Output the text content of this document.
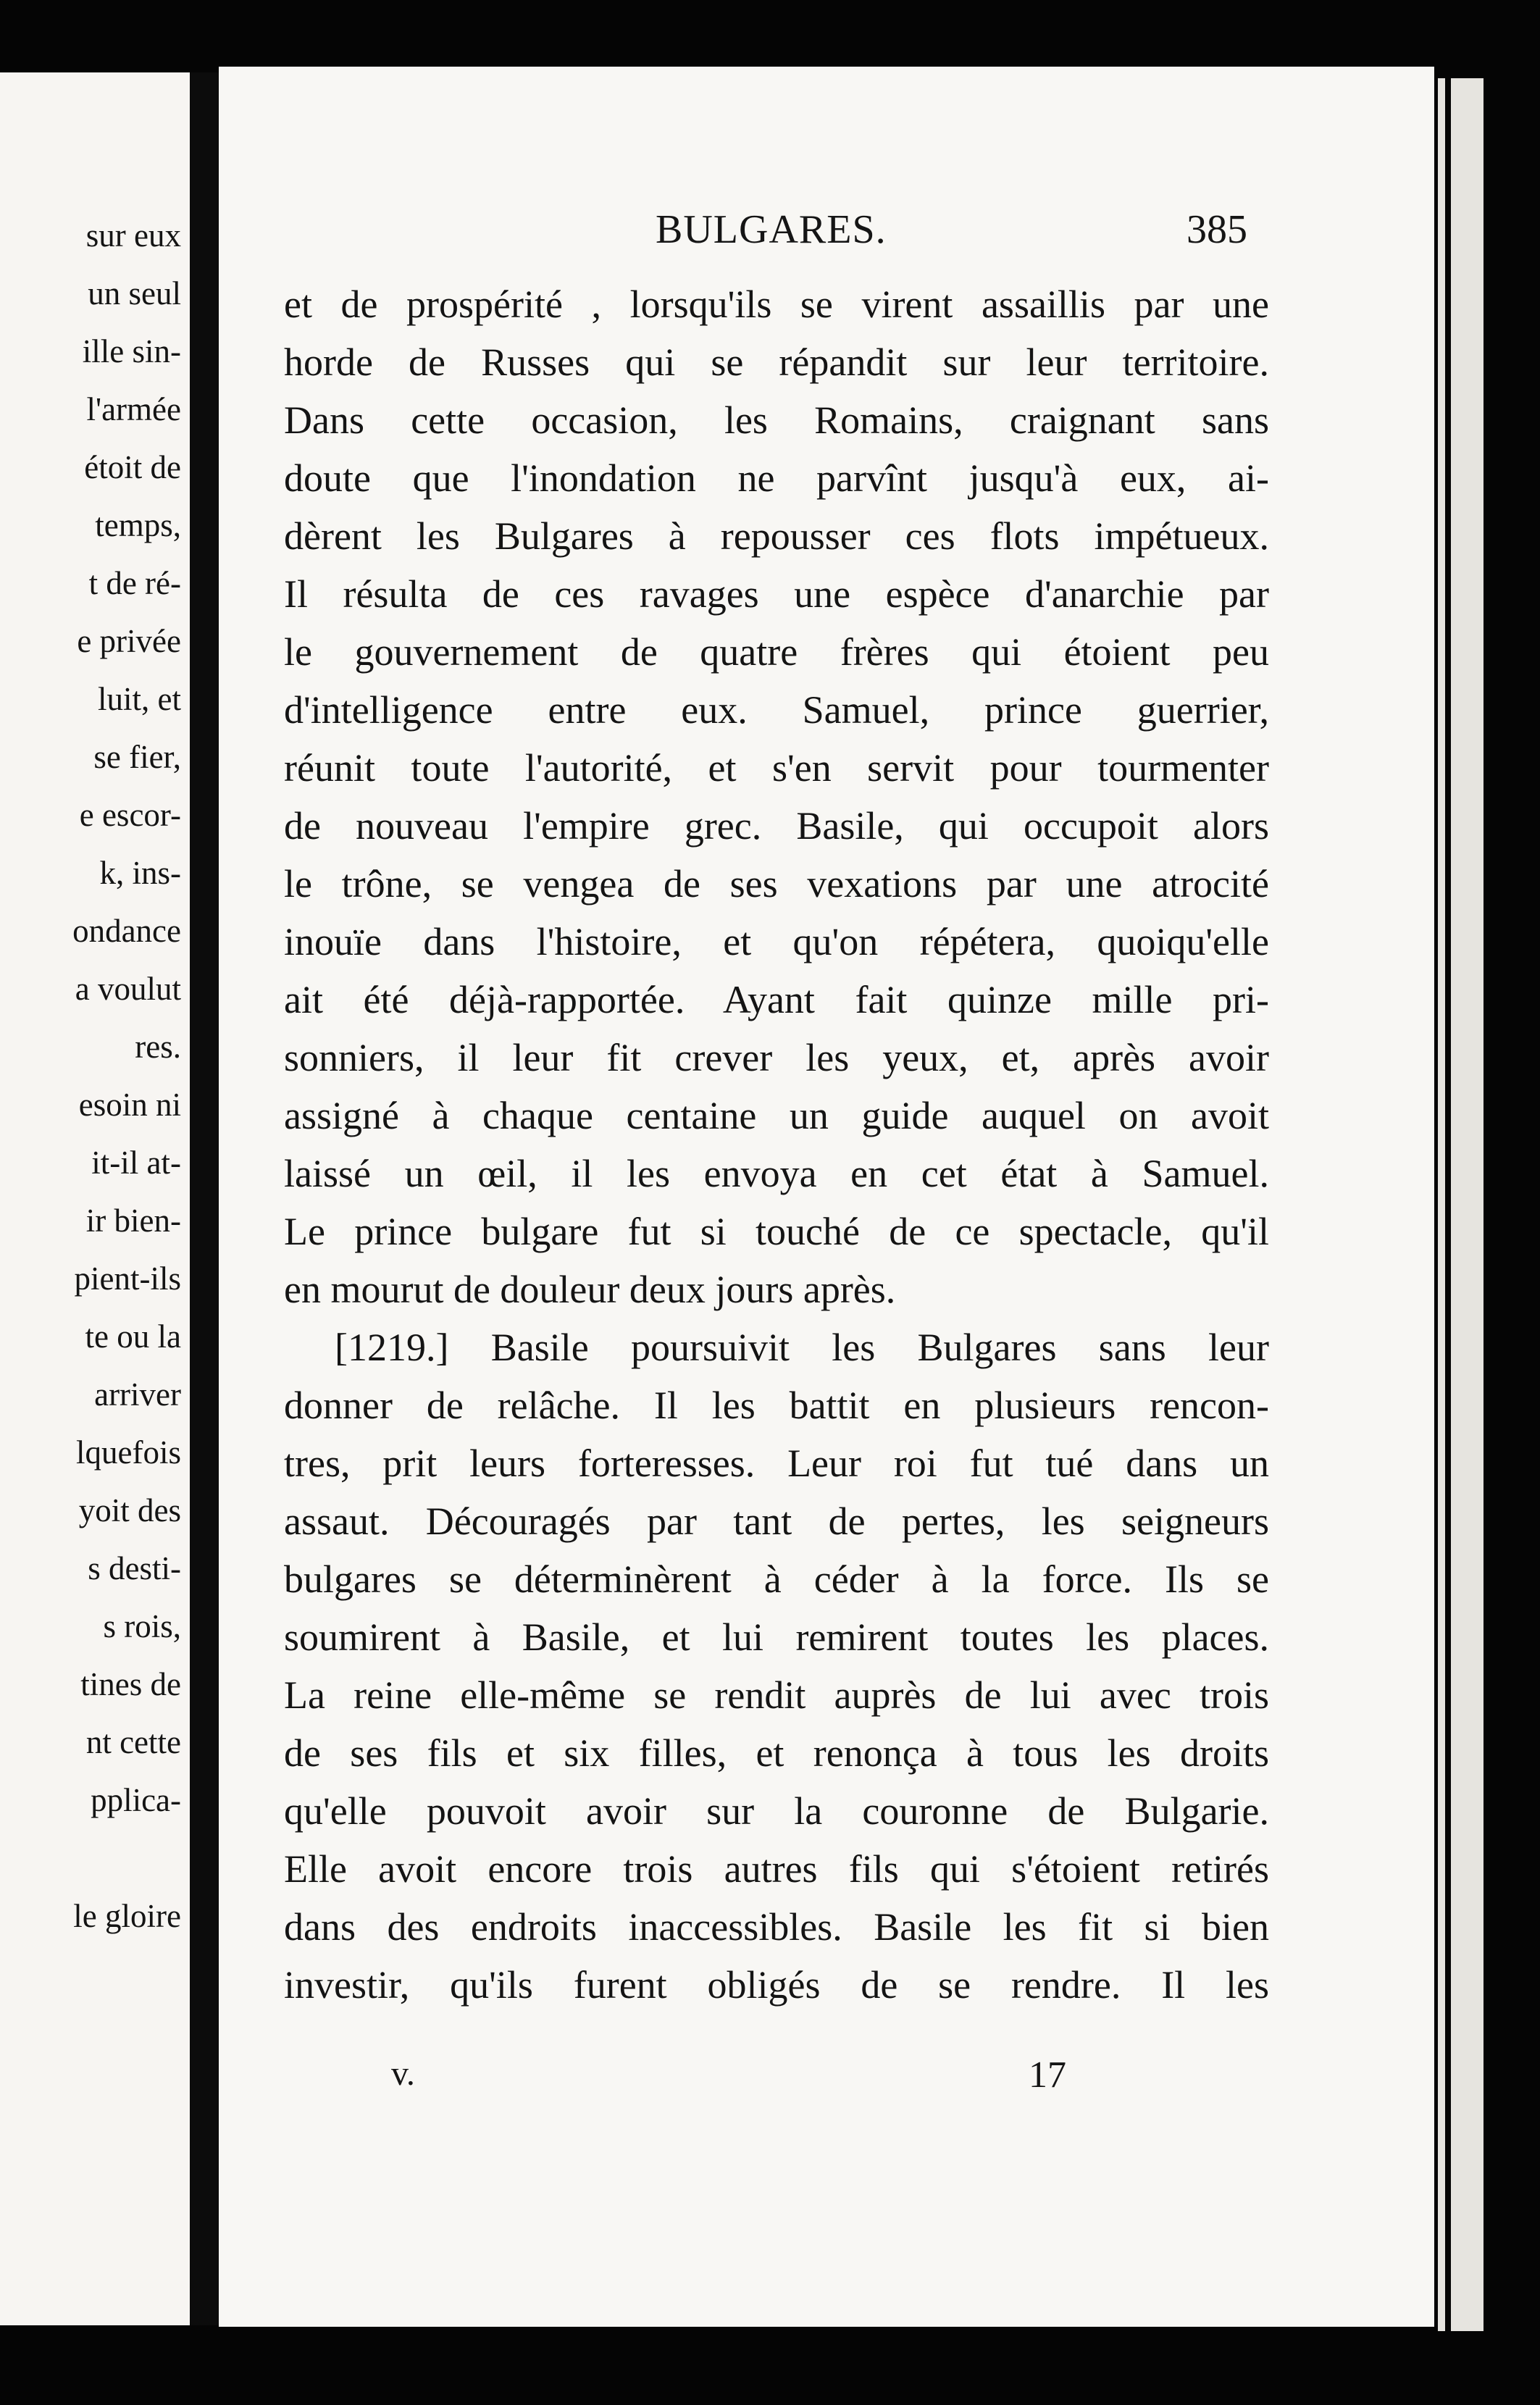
sur eux
un seul
ille sin-
l'armée
étoit de
temps,
t de ré-
e privée
luit, et
se fier,
e escor-
k, ins-
ondance
a voulut
res.
esoin ni
it-il at-
ir bien-
pient-ils
te ou la
arriver
lquefois
yoit des
s desti-
s rois,
tines de
nt cette
pplica-
le gloire
BULGARES.	385
et de prospérité , lorsqu'ils se virent assaillis par une
horde de Russes qui se répandit sur leur territoire.
Dans cette occasion, les Romains, craignant sans
doute que l'inondation ne parvînt jusqu'à eux, ai-
dèrent les Bulgares à repousser ces flots impétueux.
Il résulta de ces ravages une espèce d'anarchie par
le gouvernement de quatre frères qui étoient peu
d'intelligence entre eux. Samuel, prince guerrier,
réunit toute l'autorité, et s'en servit pour tourmenter
de nouveau l'empire grec. Basile, qui occupoit alors
le trône, se vengea de ses vexations par une atrocité
inouïe dans l'histoire, et qu'on répétera, quoiqu'elle
ait été déjà-rapportée. Ayant fait quinze mille pri-
sonniers, il leur fit crever les yeux, et, après avoir
assigné à chaque centaine un guide auquel on avoit
laissé un œil, il les envoya en cet état à Samuel.
Le prince bulgare fut si touché de ce spectacle, qu'il
en mourut de douleur deux jours après.
[1219.] Basile poursuivit les Bulgares sans leur
donner de relâche. Il les battit en plusieurs rencon-
tres, prit leurs forteresses. Leur roi fut tué dans un
assaut. Découragés par tant de pertes, les seigneurs
bulgares se déterminèrent à céder à la force. Ils se
soumirent à Basile, et lui remirent toutes les places.
La reine elle-même se rendit auprès de lui avec trois
de ses fils et six filles, et renonça à tous les droits
qu'elle pouvoit avoir sur la couronne de Bulgarie.
Elle avoit encore trois autres fils qui s'étoient retirés
dans des endroits inaccessibles. Basile les fit si bien
investir, qu'ils furent obligés de se rendre. Il les
v.	17
